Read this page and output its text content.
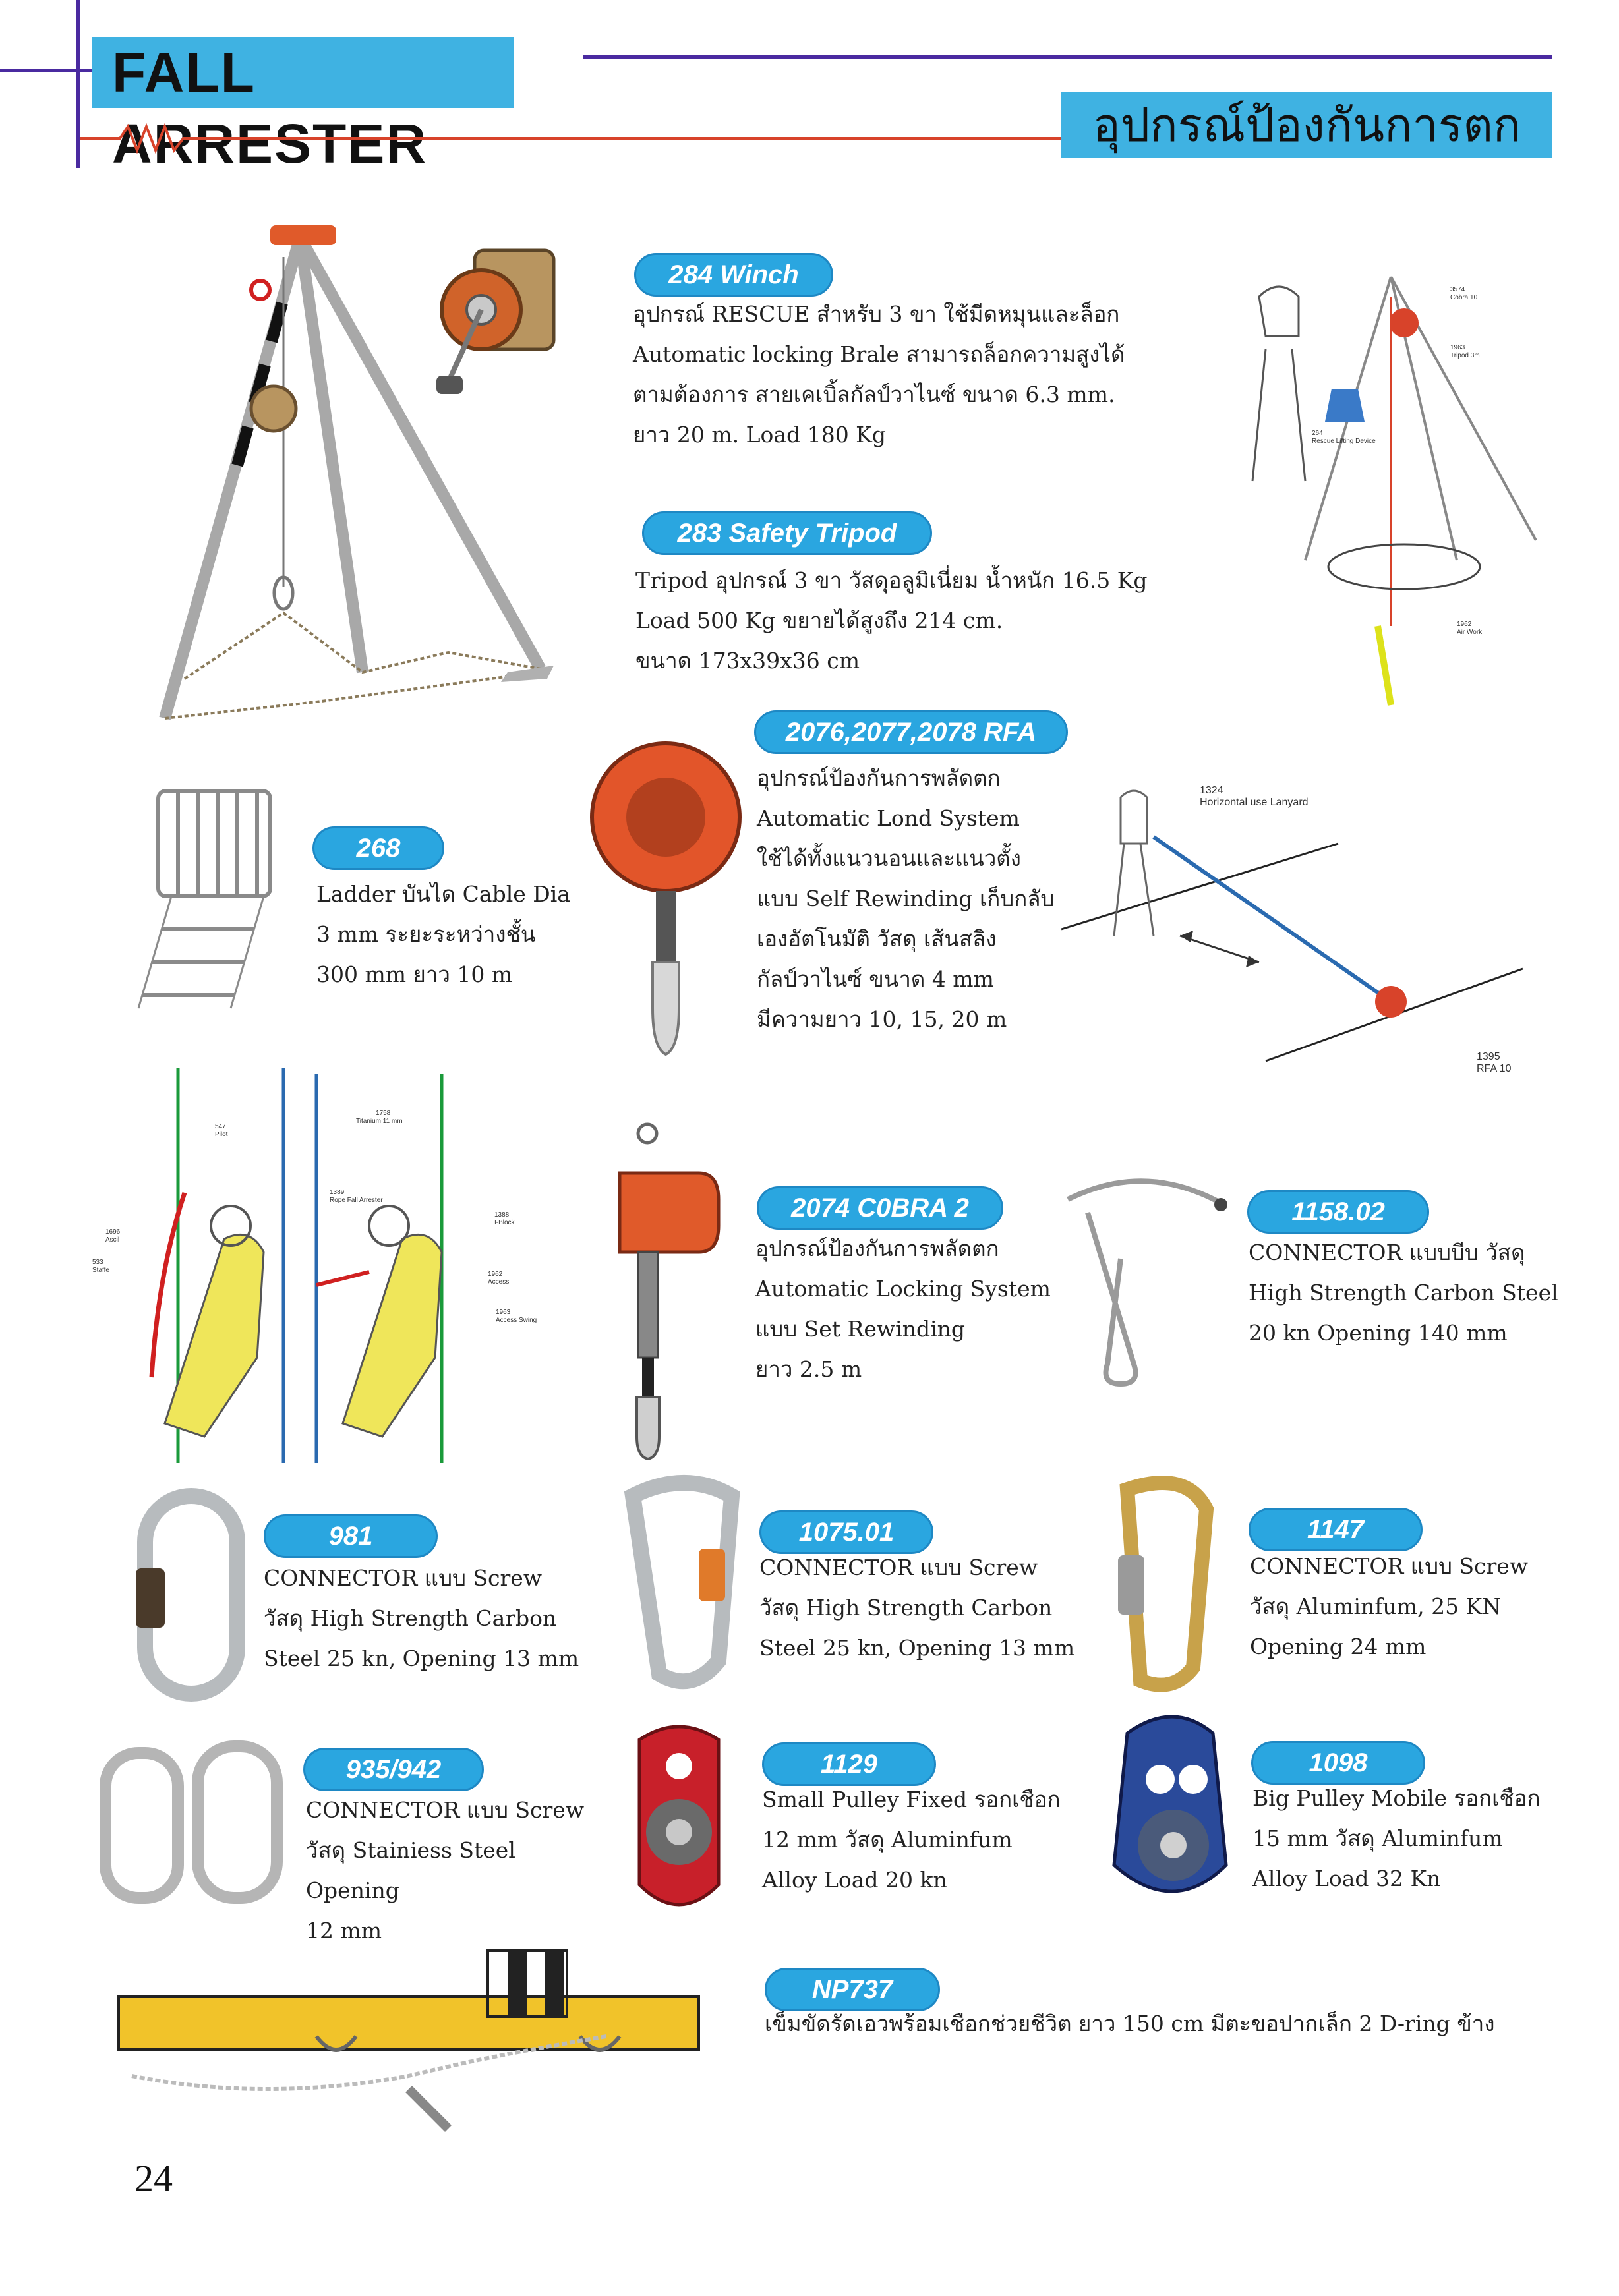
FALL ARRESTER	อุปกรณ์ป้องกันการตก
284 Winch
อุปกรณ์ RESCUE สำหรับ 3 ขา ใช้มีดหมุนและล็อก
Automatic locking Brale สามารถล็อกความสูงได้
ตามต้องการ สายเคเบิ้ลกัลป์วาไนซ์ ขนาด 6.3 mm.
ยาว 20 m. Load 180 Kg
283 Safety Tripod
Tripod อุปกรณ์ 3 ขา วัสดุอลูมิเนี่ยม น้ำหนัก 16.5 Kg
Load 500 Kg ขยายได้สูงถึง 214 cm.
ขนาด 173x39x36 cm
3574
Cobra 10
1963
Tripod 3m
264
Rescue Lifting Device
1962
Air Work
268
Ladder บันได Cable Dia
3 mm ระยะระหว่างชั้น
300 mm ยาว 10 m
2076,2077,2078 RFA
อุปกรณ์ป้องกันการพลัดตก
Automatic Lond System
ใช้ได้ทั้งแนวนอนและแนวตั้ง
แบบ Self Rewinding เก็บกลับ
เองอัตโนมัติ วัสดุ เส้นสลิง
กัลป์วาไนซ์ ขนาด 4 mm
มีความยาว 10, 15, 20 m
1324
Horizontal use Lanyard
1395
RFA 10
1758
Titanium 11 mm
547
Pilot
1389
Rope Fall Arrester
1388
I-Block
1696
Ascil
533
Staffe
1962
Access
1963
Access Swing
2074 C0BRA 2
อุปกรณ์ป้องกันการพลัดตก
Automatic Locking System
แบบ Set Rewinding
ยาว 2.5 m
1158.02
CONNECTOR แบบบีบ วัสดุ
High Strength Carbon Steel
20 kn Opening 140 mm
981
CONNECTOR แบบ Screw
วัสดุ High Strength Carbon
Steel 25 kn, Opening 13 mm
1075.01
CONNECTOR แบบ Screw
วัสดุ High Strength Carbon
Steel 25 kn, Opening 13 mm
1147
CONNECTOR แบบ Screw
วัสดุ Aluminfum, 25 KN
Opening 24 mm
935/942
CONNECTOR แบบ Screw
วัสดุ Stainiess Steel Opening
12 mm
1129
Small Pulley Fixed รอกเชือก
12 mm วัสดุ Aluminfum
Alloy Load 20 kn
1098
Big Pulley Mobile รอกเชือก
15 mm วัสดุ Aluminfum
Alloy Load 32 Kn
NP737
เข็มขัดรัดเอวพร้อมเชือกช่วยชีวิต ยาว 150 cm มีตะขอปากเล็ก 2 D-ring ข้าง
24
